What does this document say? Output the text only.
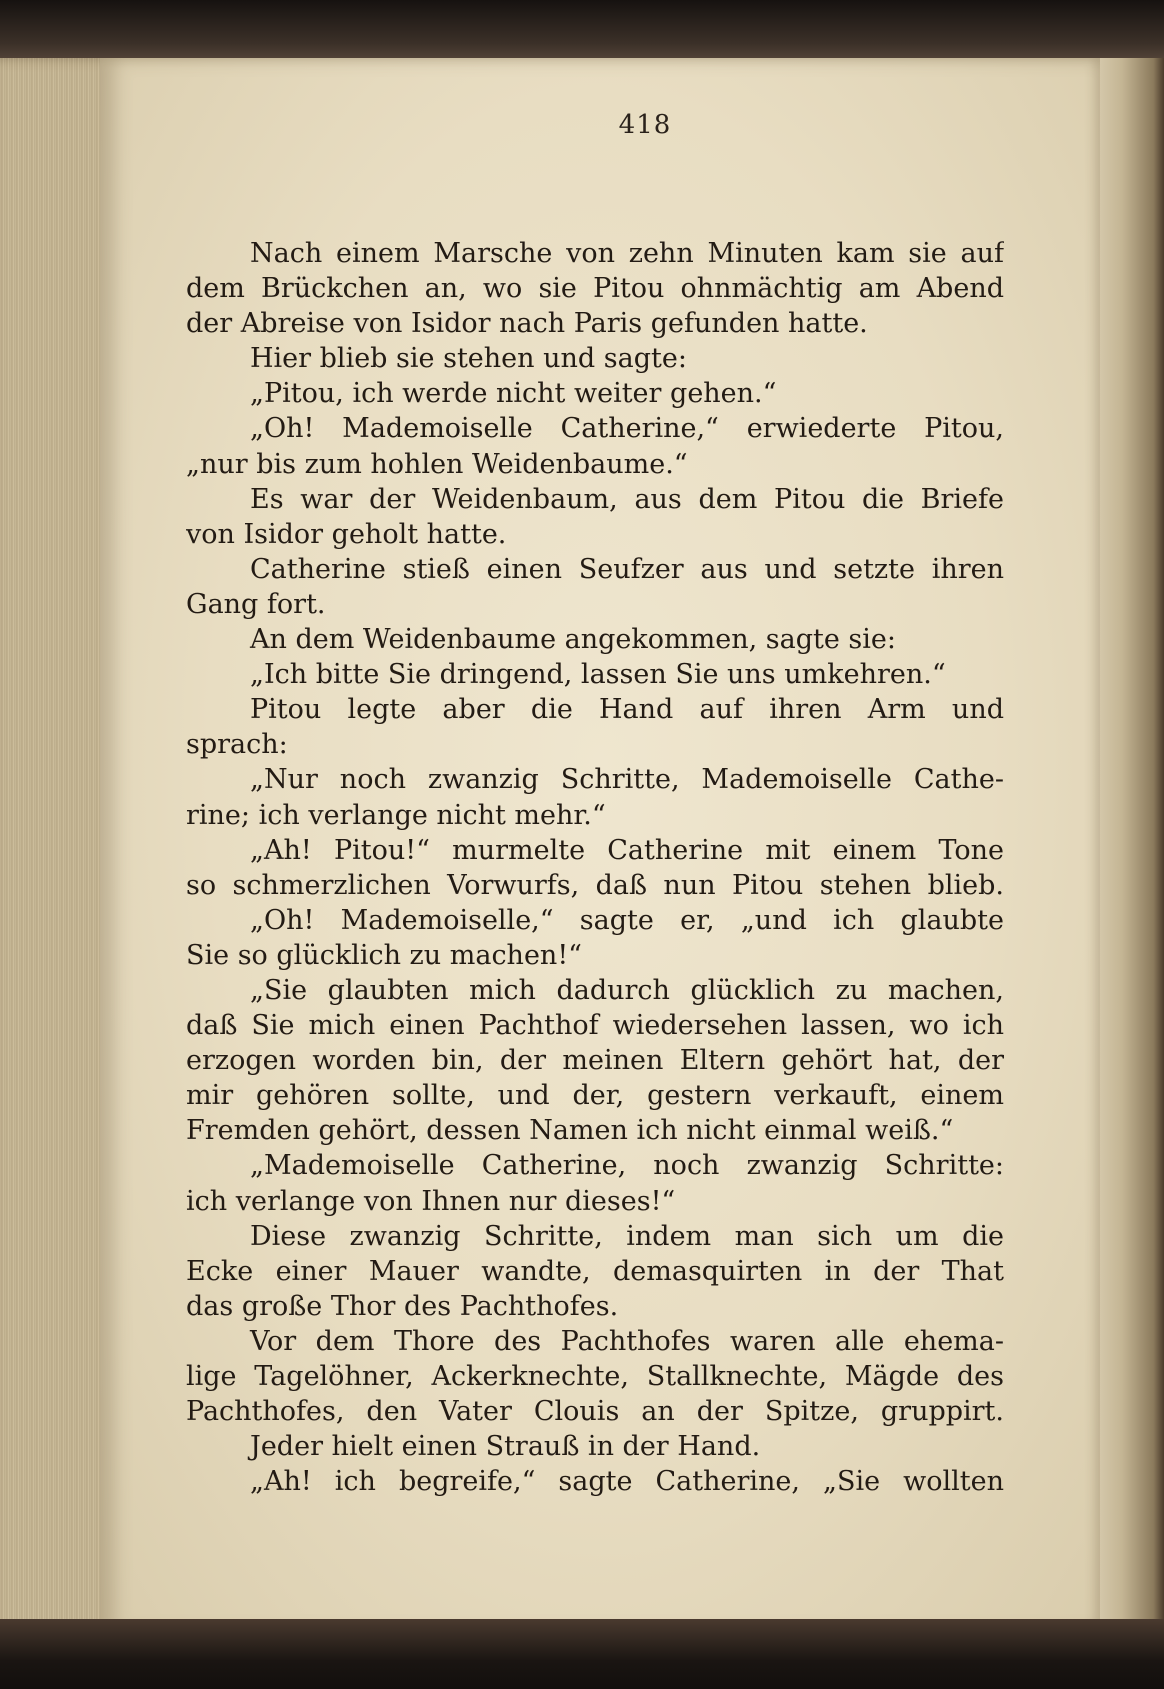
418
Nach einem Marsche von zehn Minuten kam sie auf
dem Brückchen an, wo sie Pitou ohnmächtig am Abend
der Abreise von Isidor nach Paris gefunden hatte.
Hier blieb sie stehen und sagte:
„Pitou, ich werde nicht weiter gehen.“
„Oh! Mademoiselle Catherine,“ erwiederte Pitou,
„nur bis zum hohlen Weidenbaume.“
Es war der Weidenbaum, aus dem Pitou die Briefe
von Isidor geholt hatte.
Catherine stieß einen Seufzer aus und setzte ihren
Gang fort.
An dem Weidenbaume angekommen, sagte sie:
„Ich bitte Sie dringend, lassen Sie uns umkehren.“
Pitou legte aber die Hand auf ihren Arm und
sprach:
„Nur noch zwanzig Schritte, Mademoiselle Cathe-
rine; ich verlange nicht mehr.“
„Ah! Pitou!“ murmelte Catherine mit einem Tone
so schmerzlichen Vorwurfs, daß nun Pitou stehen blieb.
„Oh! Mademoiselle,“ sagte er, „und ich glaubte
Sie so glücklich zu machen!“
„Sie glaubten mich dadurch glücklich zu machen,
daß Sie mich einen Pachthof wiedersehen lassen, wo ich
erzogen worden bin, der meinen Eltern gehört hat, der
mir gehören sollte, und der, gestern verkauft, einem
Fremden gehört, dessen Namen ich nicht einmal weiß.“
„Mademoiselle Catherine, noch zwanzig Schritte:
ich verlange von Ihnen nur dieses!“
Diese zwanzig Schritte, indem man sich um die
Ecke einer Mauer wandte, demasquirten in der That
das große Thor des Pachthofes.
Vor dem Thore des Pachthofes waren alle ehema-
lige Tagelöhner, Ackerknechte, Stallknechte, Mägde des
Pachthofes, den Vater Clouis an der Spitze, gruppirt.
Jeder hielt einen Strauß in der Hand.
„Ah! ich begreife,“ sagte Catherine, „Sie wollten
